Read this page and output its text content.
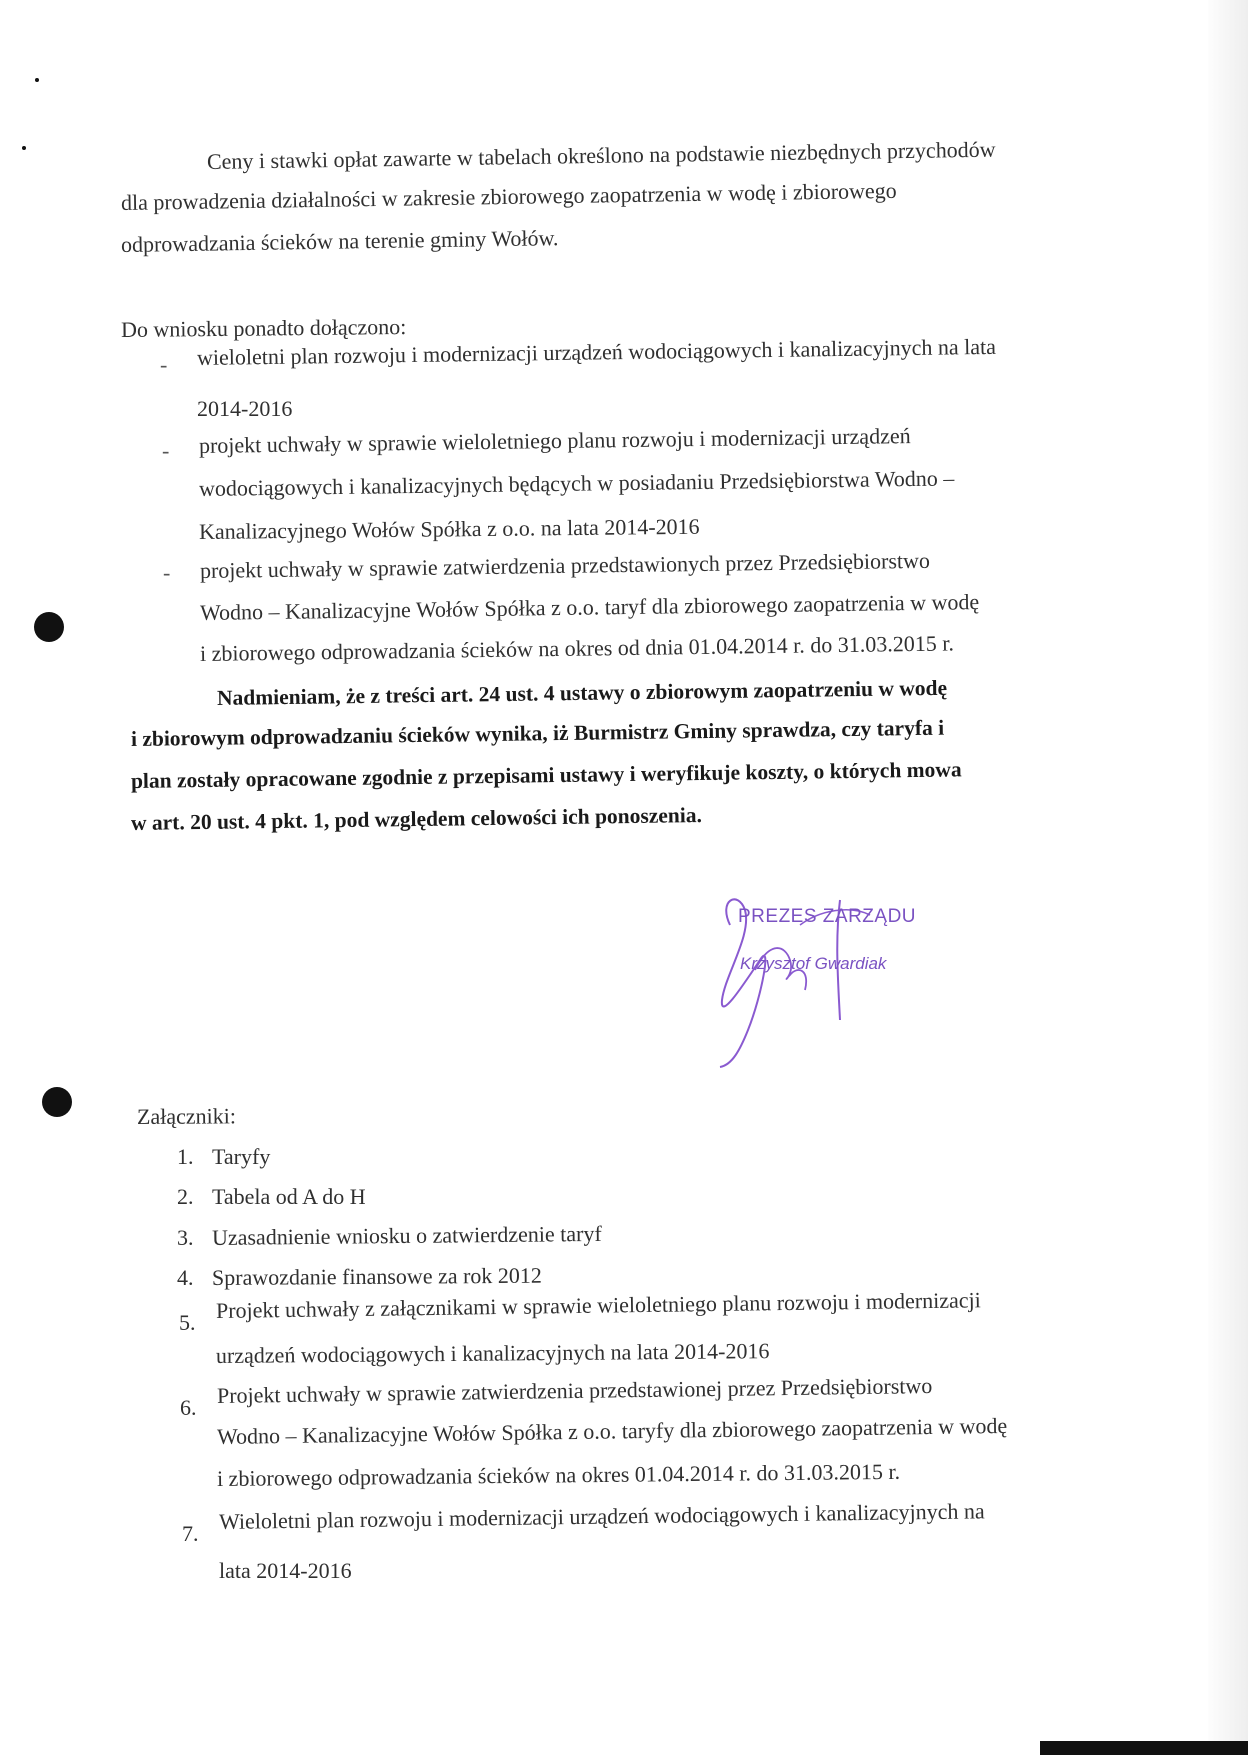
Ceny i stawki opłat zawarte w tabelach określono na podstawie niezbędnych przychodów
dla prowadzenia działalności w zakresie zbiorowego zaopatrzenia w wodę i zbiorowego
odprowadzania ścieków na terenie gminy Wołów.
Do wniosku ponadto dołączono:
-
-
-
wieloletni plan rozwoju i modernizacji urządzeń wodociągowych i kanalizacyjnych na lata
2014-2016
projekt uchwały w sprawie wieloletniego planu rozwoju i modernizacji urządzeń
wodociągowych i kanalizacyjnych będących w posiadaniu Przedsiębiorstwa Wodno –
Kanalizacyjnego Wołów Spółka z o.o. na lata 2014-2016
projekt uchwały w sprawie zatwierdzenia przedstawionych przez Przedsiębiorstwo
Wodno – Kanalizacyjne Wołów Spółka z o.o. taryf dla zbiorowego zaopatrzenia w wodę
i zbiorowego odprowadzania ścieków na okres od dnia 01.04.2014 r. do 31.03.2015 r.
Nadmieniam, że z treści art. 24 ust. 4 ustawy o zbiorowym zaopatrzeniu w wodę
i zbiorowym odprowadzaniu ścieków wynika, iż Burmistrz Gminy sprawdza, czy taryfa i
plan zostały opracowane zgodnie z przepisami ustawy i weryfikuje koszty, o których mowa
w art. 20 ust. 4 pkt. 1, pod względem celowości ich ponoszenia.
PREZES ZARZĄDU
Krzysztof Gwardiak
Załączniki:
1. Taryfy
2. Tabela od A do H
3. Uzasadnienie wniosku o zatwierdzenie taryf
4. Sprawozdanie finansowe za rok 2012
5. Projekt uchwały z załącznikami w sprawie wieloletniego planu rozwoju i modernizacji
urządzeń wodociągowych i kanalizacyjnych na lata 2014-2016
6. Projekt uchwały w sprawie zatwierdzenia przedstawionej przez Przedsiębiorstwo
Wodno – Kanalizacyjne Wołów Spółka z o.o. taryfy dla zbiorowego zaopatrzenia w wodę
i zbiorowego odprowadzania ścieków na okres 01.04.2014 r. do 31.03.2015 r.
7. Wieloletni plan rozwoju i modernizacji urządzeń wodociągowych i kanalizacyjnych na
lata 2014-2016
